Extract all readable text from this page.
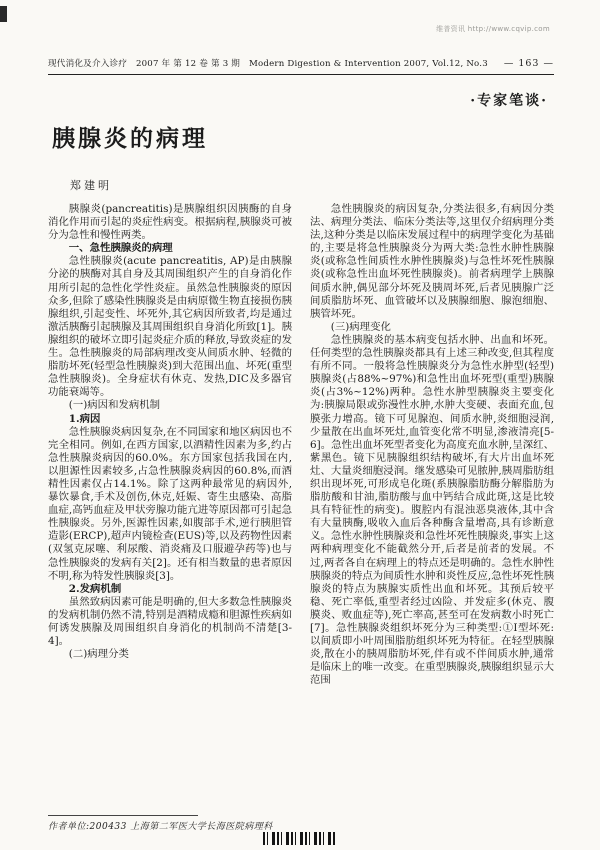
维普资讯 http://www.cqvip.com
现代消化及介入诊疗　2007 年 第 12 卷 第 3 期 Modern Digestion & Intervention 2007, Vol.12, No.3	— 163 —
·专家笔谈·
胰腺炎的病理
郑建明

胰腺炎(pancreatitis)是胰腺组织因胰酶的自身消化作用而引起的炎症性病变。根据病程,胰腺炎可被分为急性和慢性两类。

一、急性胰腺炎的病理

急性胰腺炎(acute pancreatitis, AP)是由胰腺分泌的胰酶对其自身及其周围组织产生的自身消化作用所引起的急性化学性炎症。虽然急性胰腺炎的原因众多,但除了感染性胰腺炎是由病原微生物直接损伤胰腺组织,引起变性、坏死外,其它病因所致者,均是通过激活胰酶引起胰腺及其周围组织自身消化所致[1]。胰腺组织的破坏立即引起炎症介质的释放,导致炎症的发生。急性胰腺炎的局部病理改变从间质水肿、轻微的脂肪坏死(轻型急性胰腺炎)到大范围出血、坏死(重型急性胰腺炎)。全身症状有休克、发热,DIC及多器官功能衰竭等。

(一)病因和发病机制

1.病因

急性胰腺炎病因复杂,在不同国家和地区病因也不完全相同。例如,在西方国家,以酒精性因素为多,约占急性胰腺炎病因的60.0%。东方国家包括我国在内,以胆源性因素较多,占急性胰腺炎病因的60.8%,而酒精性因素仅占14.1%。除了这两种最常见的病因外,暴饮暴食,手术及创伤,休克,妊娠、寄生虫感染、高脂血症,高钙血症及甲状旁腺功能亢进等原因都可引起急性胰腺炎。另外,医源性因素,如腹部手术,逆行胰胆管造影(ERCP),超声内镜检查(EUS)等,以及药物性因素(双氢克尿噻、利尿酸、消炎痛及口服避孕药等)也与急性胰腺炎的发病有关[2]。还有相当数量的患者原因不明,称为特发性胰腺炎[3]。

2.发病机制

虽然致病因素可能是明确的,但大多数急性胰腺炎的发病机制仍然不清,特别是酒精成瘾和胆源性疾病如何诱发胰腺及周围组织自身消化的机制尚不清楚[3-4]。

(二)病理分类

急性胰腺炎的病因复杂,分类法很多,有病因分类法、病理分类法、临床分类法等,这里仅介绍病理分类法,这种分类是以临床发展过程中的病理学变化为基础的,主要是将急性胰腺炎分为两大类:急性水肿性胰腺炎(或称急性间质性水肿性胰腺炎)与急性坏死性胰腺炎(或称急性出血坏死性胰腺炎)。前者病理学上胰腺间质水肿,偶见部分坏死及胰周坏死,后者见胰腺广泛间质脂肪坏死、血管破坏以及胰腺细胞、腺泡细胞、胰管坏死。

(三)病理变化

急性胰腺炎的基本病变包括水肿、出血和坏死。任何类型的急性胰腺炎都具有上述三种改变,但其程度有所不同。一般将急性胰腺炎分为急性水肿型(轻型)胰腺炎(占88%~97%)和急性出血坏死型(重型)胰腺炎(占3%~12%)两种。急性水肿型胰腺炎主要变化为:胰腺局限或弥漫性水肿,水肿大变硬、表面充血,包膜张力增高。镜下可见腺泡、间质水肿,炎细胞浸润,少量散在出血坏死灶,血管变化常不明显,渗液清亮[5-6]。急性出血坏死型者变化为高度充血水肿,呈深红、紫黑色。镜下见胰腺组织结构破坏,有大片出血坏死灶、大量炎细胞浸润。继发感染可见脓肿,胰周脂肪组织出现坏死,可形成皂化斑(系胰腺脂肪酶分解脂肪为脂肪酸和甘油,脂肪酸与血中钙结合成此斑,这是比较具有特征性的病变)。腹腔内有混浊恶臭液体,其中含有大量胰酶,吸收入血后各种酶含量增高,具有诊断意义。急性水肿性胰腺炎和急性坏死性胰腺炎,事实上这两种病理变化不能截然分开,后者是前者的发展。不过,两者各自在病理上的特点还是明确的。急性水肿性胰腺炎的特点为间质性水肿和炎性反应,急性坏死性胰腺炎的特点为胰腺实质性出血和坏死。其预后较平稳、死亡率低,重型者经过凶险、并发症多(休克、腹膜炎、败血症等),死亡率高,甚至可在发病数小时死亡[7]。急性胰腺炎组织坏死分为三种类型:①Ⅰ型坏死:以间质即小叶周围脂肪组织坏死为特征。在轻型胰腺炎,散在小的胰周脂肪坏死,伴有或不伴间质水肿,通常是临床上的唯一改变。在重型胰腺炎,胰腺组织显示大范围

作者单位:200433 上海第二军医大学长海医院病理科
